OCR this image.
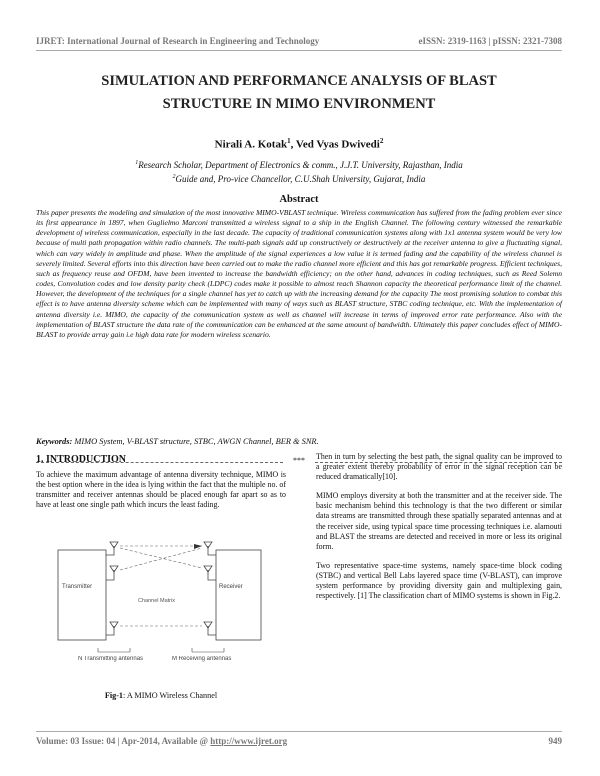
IJRET: International Journal of Research in Engineering and Technology	eISSN: 2319-1163 | pISSN: 2321-7308
SIMULATION AND PERFORMANCE ANALYSIS OF BLAST
STRUCTURE IN MIMO ENVIRONMENT
Nirali A. Kotak$^1$, Ved Vyas Dwivedi$^2$
$^1$Research Scholar, Department of Electronics & comm., J.J.T. University, Rajasthan, India
$^2$Guide and, Pro-vice Chancellor, C.U.Shah University, Gujarat, India
Abstract

This paper presents the modeling and simulation of the most innovative MIMO-VBLAST technique. Wireless communication has suffered from the fading problem ever since its first appearance in 1897, when Guglielmo Marconi transmitted a wireless signal to a ship in the English Channel. The following century witnessed the remarkable development of wireless communication, especially in the last decade. The capacity of traditional communication systems along with 1x1 antenna system would be very low because of multi path propagation within radio channels. The multi-path signals add up constructively or destructively at the receiver antenna to give a fluctuating signal, which can vary widely in amplitude and phase. When the amplitude of the signal experiences a low value it is termed fading and the capability of the wireless channel is severely limited. Several efforts into this direction have been carried out to make the radio channel more efficient and this has got remarkable progress. Efficient techniques, such as frequency reuse and OFDM, have been invented to increase the bandwidth efficiency; on the other hand, advances in coding techniques, such as Reed Solemn codes, Convolution codes and low density parity check (LDPC) codes make it possible to almost reach Shannon capacity the theoretical performance limit of the channel. However, the development of the techniques for a single channel has yet to catch up with the increasing demand for the capacity The most promising solution to combat this effect is to have antenna diversity scheme which can be implemented with many of ways such as BLAST structure, STBC coding technique, etc. With the implementation of antenna diversity i.e. MIMO, the capacity of the communication system as well as channel will increase in terms of improved error rate performance. Also with the implementation of BLAST structure the data rate of the communication can be enhanced at the same amount of bandwidth. Ultimately this paper concludes effect of MIMO-BLAST to provide array gain i.e high data rate for modern wireless scenario.

Keywords: MIMO System, V-BLAST structure, STBC, AWGN Channel, BER & SNR.
***
1. INTRODUCTION

To achieve the maximum advantage of antenna diversity technique, MIMO is the best option where in the idea is lying within the fact that the multiple no. of transmitter and receiver antennas should be placed enough far apart so as to have at least one single path which incurs the least fading.

Transmitter	Receiver
Channel Matrix
N Transmitting antennas	M Receiving antennas
Fig-1: A MIMO Wireless Channel

Then in turn by selecting the best path, the signal quality can be improved to a greater extent thereby probability of error in the signal reception can be reduced dramatically[10].

MIMO employs diversity at both the transmitter and at the receiver side. The basic mechanism behind this technology is that the two different or similar data streams are transmitted through these spatially separated antennas and at the receiver side, using typical space time processing techniques i.e. alamouti and BLAST the streams are detected and received in more or less its original form.

Two representative space-time systems, namely space-time block coding (STBC) and vertical Bell Labs layered space time (V-BLAST), can improve system performance by providing diversity gain and multiplexing gain, respectively. [1] The classification chart of MIMO systems is shown in Fig.2.

Volume: 03 Issue: 04 | Apr-2014, Available @ http://www.ijret.org	949
